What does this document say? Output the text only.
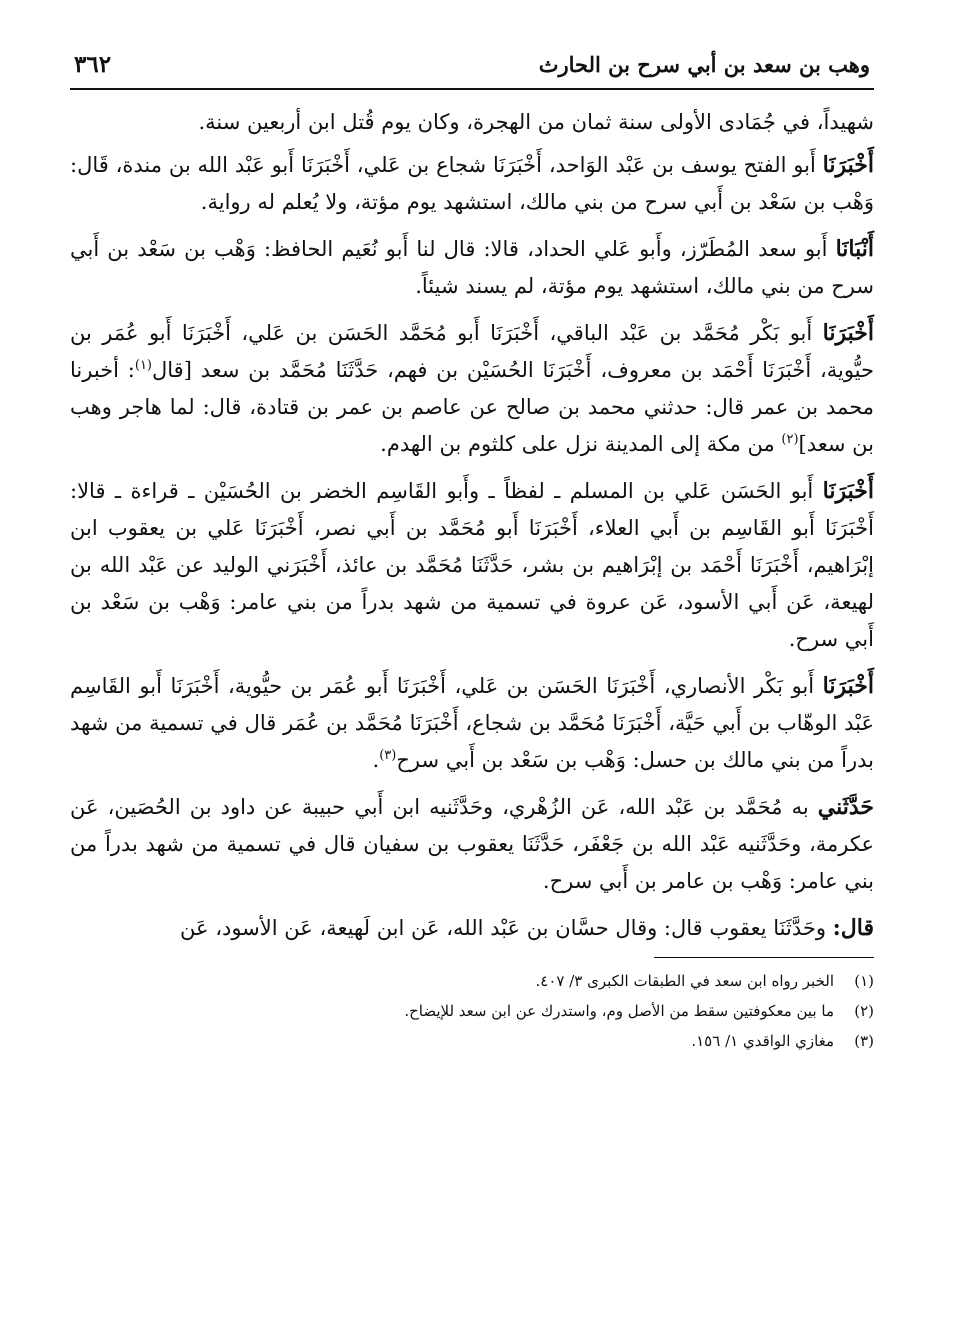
وهب بن سعد بن أبي سرح بن الحارث
٣٦٢

شهيداً، في جُمَادى الأولى سنة ثمان من الهجرة، وكان يوم قُتل ابن أربعين سنة.

أَخْبَرَنَا أَبو الفتح يوسف بن عَبْد الوَاحد، أَخْبَرَنَا شجاع بن عَلي، أَخْبَرَنَا أَبو عَبْد الله بن مندة، قَال: وَهْب بن سَعْد بن أَبي سرح من بني مالك، استشهد يوم مؤتة، ولا يُعلم له رواية.

أَنْبَانَا أَبو سعد المُطَرّز، وأَبو عَلي الحداد، قالا: قال لنا أَبو نُعَيم الحافظ: وَهْب بن سَعْد بن أَبي سرح من بني مالك، استشهد يوم مؤتة، لم يسند شيئاً.

أَخْبَرَنَا أَبو بَكْر مُحَمَّد بن عَبْد الباقي، أَخْبَرَنَا أَبو مُحَمَّد الحَسَن بن عَلي، أَخْبَرَنَا أَبو عُمَر بن حيُّوية، أَخْبَرَنَا أَحْمَد بن معروف، أَخْبَرَنَا الحُسَيْن بن فهم، حَدَّثَنَا مُحَمَّد بن سعد [قال$^{(١)}$: أخبرنا محمد بن عمر قال: حدثني محمد بن صالح عن عاصم بن عمر بن قتادة، قال: لما هاجر وهب بن سعد]$^{(٢)}$ من مكة إلى المدينة نزل على كلثوم بن الهدم.

أَخْبَرَنَا أَبو الحَسَن عَلي بن المسلم ـ لفظاً ـ وأَبو القَاسِم الخضر بن الحُسَيْن ـ قراءة ـ قالا: أَخْبَرَنَا أَبو القَاسِم بن أَبي العلاء، أَخْبَرَنَا أَبو مُحَمَّد بن أَبي نصر، أَخْبَرَنَا عَلي بن يعقوب ابن إبْرَاهيم، أَخْبَرَنَا أَحْمَد بن إبْرَاهيم بن بشر، حَدَّثَنَا مُحَمَّد بن عائذ، أَخْبَرَني الوليد عن عَبْد الله بن لهيعة، عَن أَبي الأسود، عَن عروة في تسمية من شهد بدراً من بني عامر: وَهْب بن سَعْد بن أَبي سرح.

أَخْبَرَنَا أَبو بَكْر الأنصاري، أَخْبَرَنَا الحَسَن بن عَلي، أَخْبَرَنَا أَبو عُمَر بن حيُّوية، أَخْبَرَنَا أَبو القَاسِم عَبْد الوهّاب بن أَبي حَيَّة، أَخْبَرَنَا مُحَمَّد بن شجاع، أَخْبَرَنَا مُحَمَّد بن عُمَر قال في تسمية من شهد بدراً من بني مالك بن حسل: وَهْب بن سَعْد بن أَبي سرح$^{(٣)}$.

حَدَّثَني به مُحَمَّد بن عَبْد الله، عَن الزُهْري، وحَدَّثَنيه ابن أَبي حبيبة عن داود بن الحُصَين، عَن عكرمة، وحَدَّثَنيه عَبْد الله بن جَعْفَر، حَدَّثَنَا يعقوب بن سفيان قال في تسمية من شهد بدراً من بني عامر: وَهْب بن عامر بن أَبي سرح.

قال: وحَدَّثَنَا يعقوب قال: وقال حسَّان بن عَبْد الله، عَن ابن لَهيعة، عَن الأسود، عَن

(١)
الخبر رواه ابن سعد في الطبقات الكبرى ٣/ ٤٠٧.
(٢)
ما بين معكوفتين سقط من الأصل وم، واستدرك عن ابن سعد للإيضاح.
(٣)
مغازي الواقدي ١/ ١٥٦.
